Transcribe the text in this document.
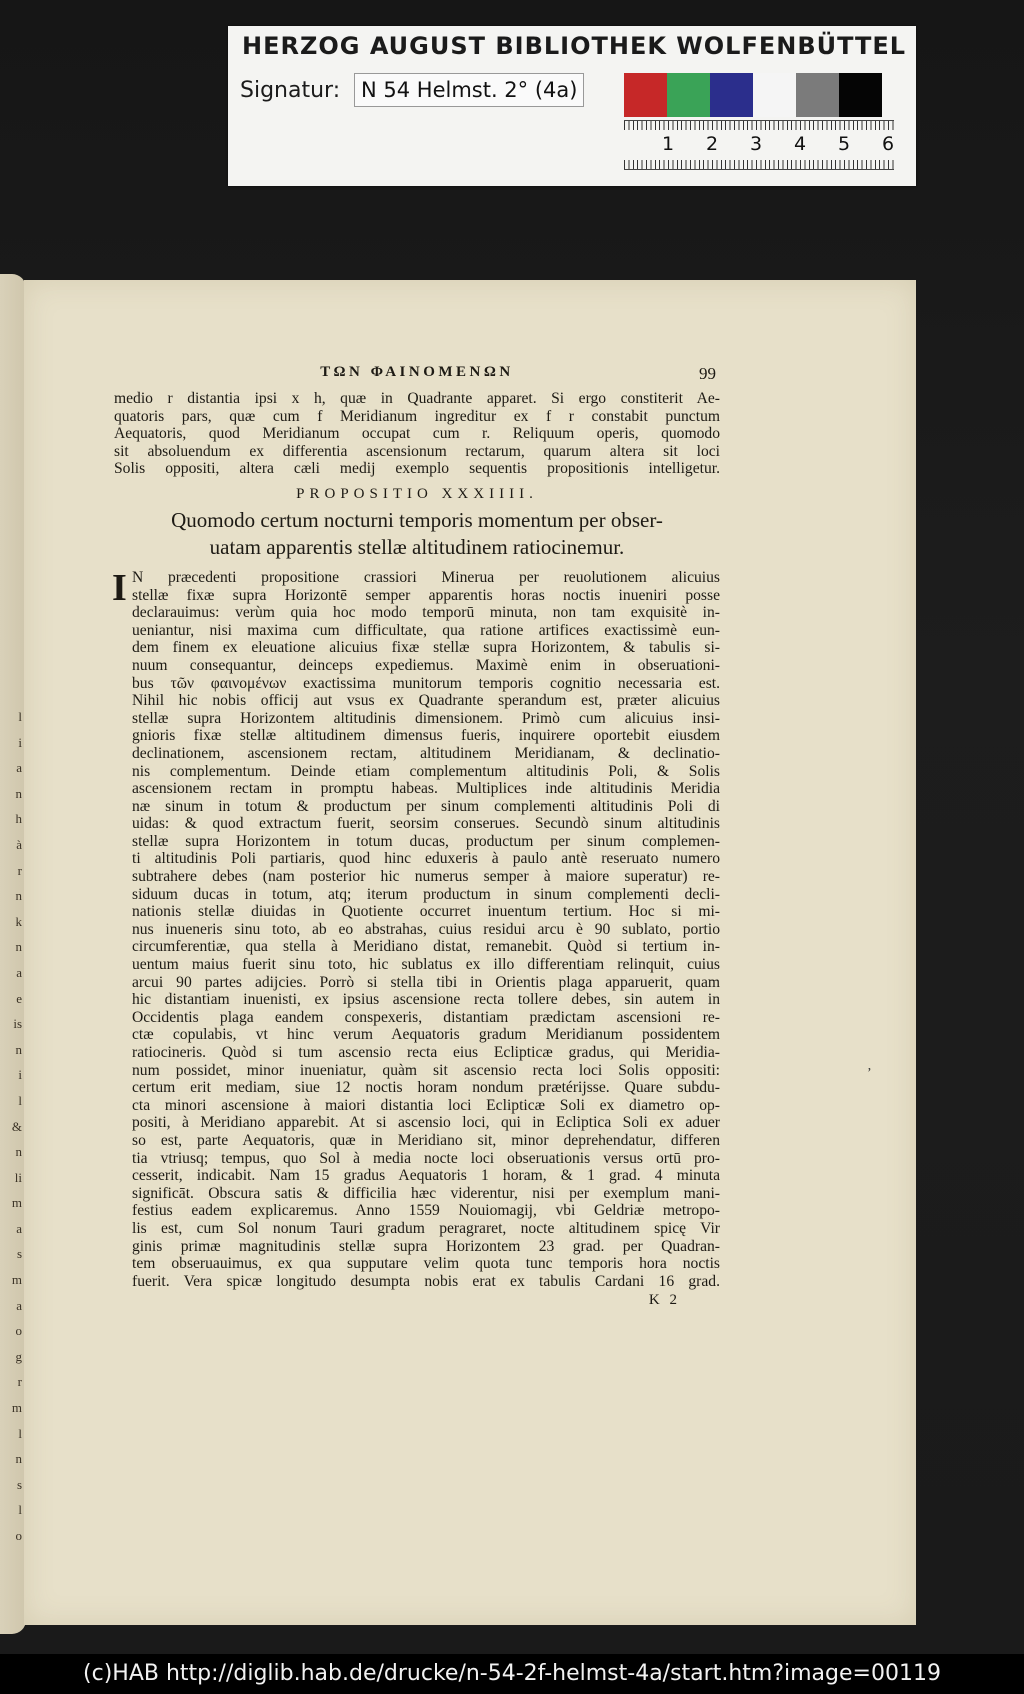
HERZOG AUGUST BIBLIOTHEK WOLFENBÜTTEL
Signatur: N 54 Helmst. 2° (4a)
1 2 3 4 5 6
l
i
a
n
h
à
r
n
k
n
a
e
is
n
i
l
&
n
li
m
a
s
m
a
o
g
r
m
l
n
s
l
o
ΤΩΝ ΦΑΙΝΟΜΕΝΩΝ	99
medio r distantia ipsi x h, quæ in Quadrante apparet. Si ergo constiterit Ae-
quatoris pars, quæ cum f Meridianum ingreditur ex f r constabit punctum
Aequatoris, quod Meridianum occupat cum r. Reliquum operis, quomodo
sit absoluendum ex differentia ascensionum rectarum, quarum altera sit loci
Solis oppositi, altera cæli medij exemplo sequentis propositionis intelligetur.
PROPOSITIO XXXIIII.
Quomodo certum nocturni temporis momentum per obser-
uatam apparentis stellæ altitudinem ratiocinemur.
I N præcedenti propositione crassiori Minerua per reuolutionem alicuius
stellæ fixæ supra Horizontē semper apparentis horas noctis inueniri posse
declarauimus: verùm quia hoc modo temporū minuta, non tam exquisitè in-
ueniantur, nisi maxima cum difficultate, qua ratione artifices exactissimè eun-
dem finem ex eleuatione alicuius fixæ stellæ supra Horizontem, & tabulis si-
nuum consequantur, deinceps expediemus. Maximè enim in obseruationi-
bus τῶν φαινομένων exactissima munitorum temporis cognitio necessaria est.
Nihil hic nobis officij aut vsus ex Quadrante sperandum est, præter alicuius
stellæ supra Horizontem altitudinis dimensionem. Primò cum alicuius insi-
gnioris fixæ stellæ altitudinem dimensus fueris, inquirere oportebit eiusdem
declinationem, ascensionem rectam, altitudinem Meridianam, & declinatio-
nis complementum. Deinde etiam complementum altitudinis Poli, & Solis
ascensionem rectam in promptu habeas. Multiplices inde altitudinis Meridia
næ sinum in totum & productum per sinum complementi altitudinis Poli di
uidas: & quod extractum fuerit, seorsim conserues. Secundò sinum altitudinis
stellæ supra Horizontem in totum ducas, productum per sinum complemen-
ti altitudinis Poli partiaris, quod hinc eduxeris à paulo antè reseruato numero
subtrahere debes (nam posterior hic numerus semper à maiore superatur) re-
siduum ducas in totum, atq; iterum productum in sinum complementi decli-
nationis stellæ diuidas in Quotiente occurret inuentum tertium. Hoc si mi-
nus inueneris sinu toto, ab eo abstrahas, cuius residui arcu è 90 sublato, portio
circumferentiæ, qua stella à Meridiano distat, remanebit. Quòd si tertium in-
uentum maius fuerit sinu toto, hic sublatus ex illo differentiam relinquit, cuius
arcui 90 partes adijcies. Porrò si stella tibi in Orientis plaga apparuerit, quam
hic distantiam inuenisti, ex ipsius ascensione recta tollere debes, sin autem in
Occidentis plaga eandem conspexeris, distantiam prædictam ascensioni re-
ctæ copulabis, vt hinc verum Aequatoris gradum Meridianum possidentem
ratiocineris. Quòd si tum ascensio recta eius Eclipticæ gradus, qui Meridia-
num possidet, minor inueniatur, quàm sit ascensio recta loci Solis oppositi:
certum erit mediam, siue 12 noctis horam nondum prætérijsse. Quare subdu-
cta minori ascensione à maiori distantia loci Eclipticæ Soli ex diametro op-
positi, à Meridiano apparebit. At si ascensio loci, qui in Ecliptica Soli ex aduer
so est, parte Aequatoris, quæ in Meridiano sit, minor deprehendatur, differen
tia vtriusq; tempus, quo Sol à media nocte loci obseruationis versus ortū pro-
cesserit, indicabit. Nam 15 gradus Aequatoris 1 horam, & 1 grad. 4 minuta
significāt. Obscura satis & difficilia hæc viderentur, nisi per exemplum mani-
festius eadem explicaremus. Anno 1559 Nouiomagij, vbi Geldriæ metropo-
lis est, cum Sol nonum Tauri gradum peragraret, nocte altitudinem spicę Vir
ginis primæ magnitudinis stellæ supra Horizontem 23 grad. per Quadran-
tem obseruauimus, ex qua supputare velim quota tunc temporis hora noctis
fuerit. Vera spicæ longitudo desumpta nobis erat ex tabulis Cardani 16 grad.
K 2
ʼ
(c)HAB http://diglib.hab.de/drucke/n-54-2f-helmst-4a/start.htm?image=00119
